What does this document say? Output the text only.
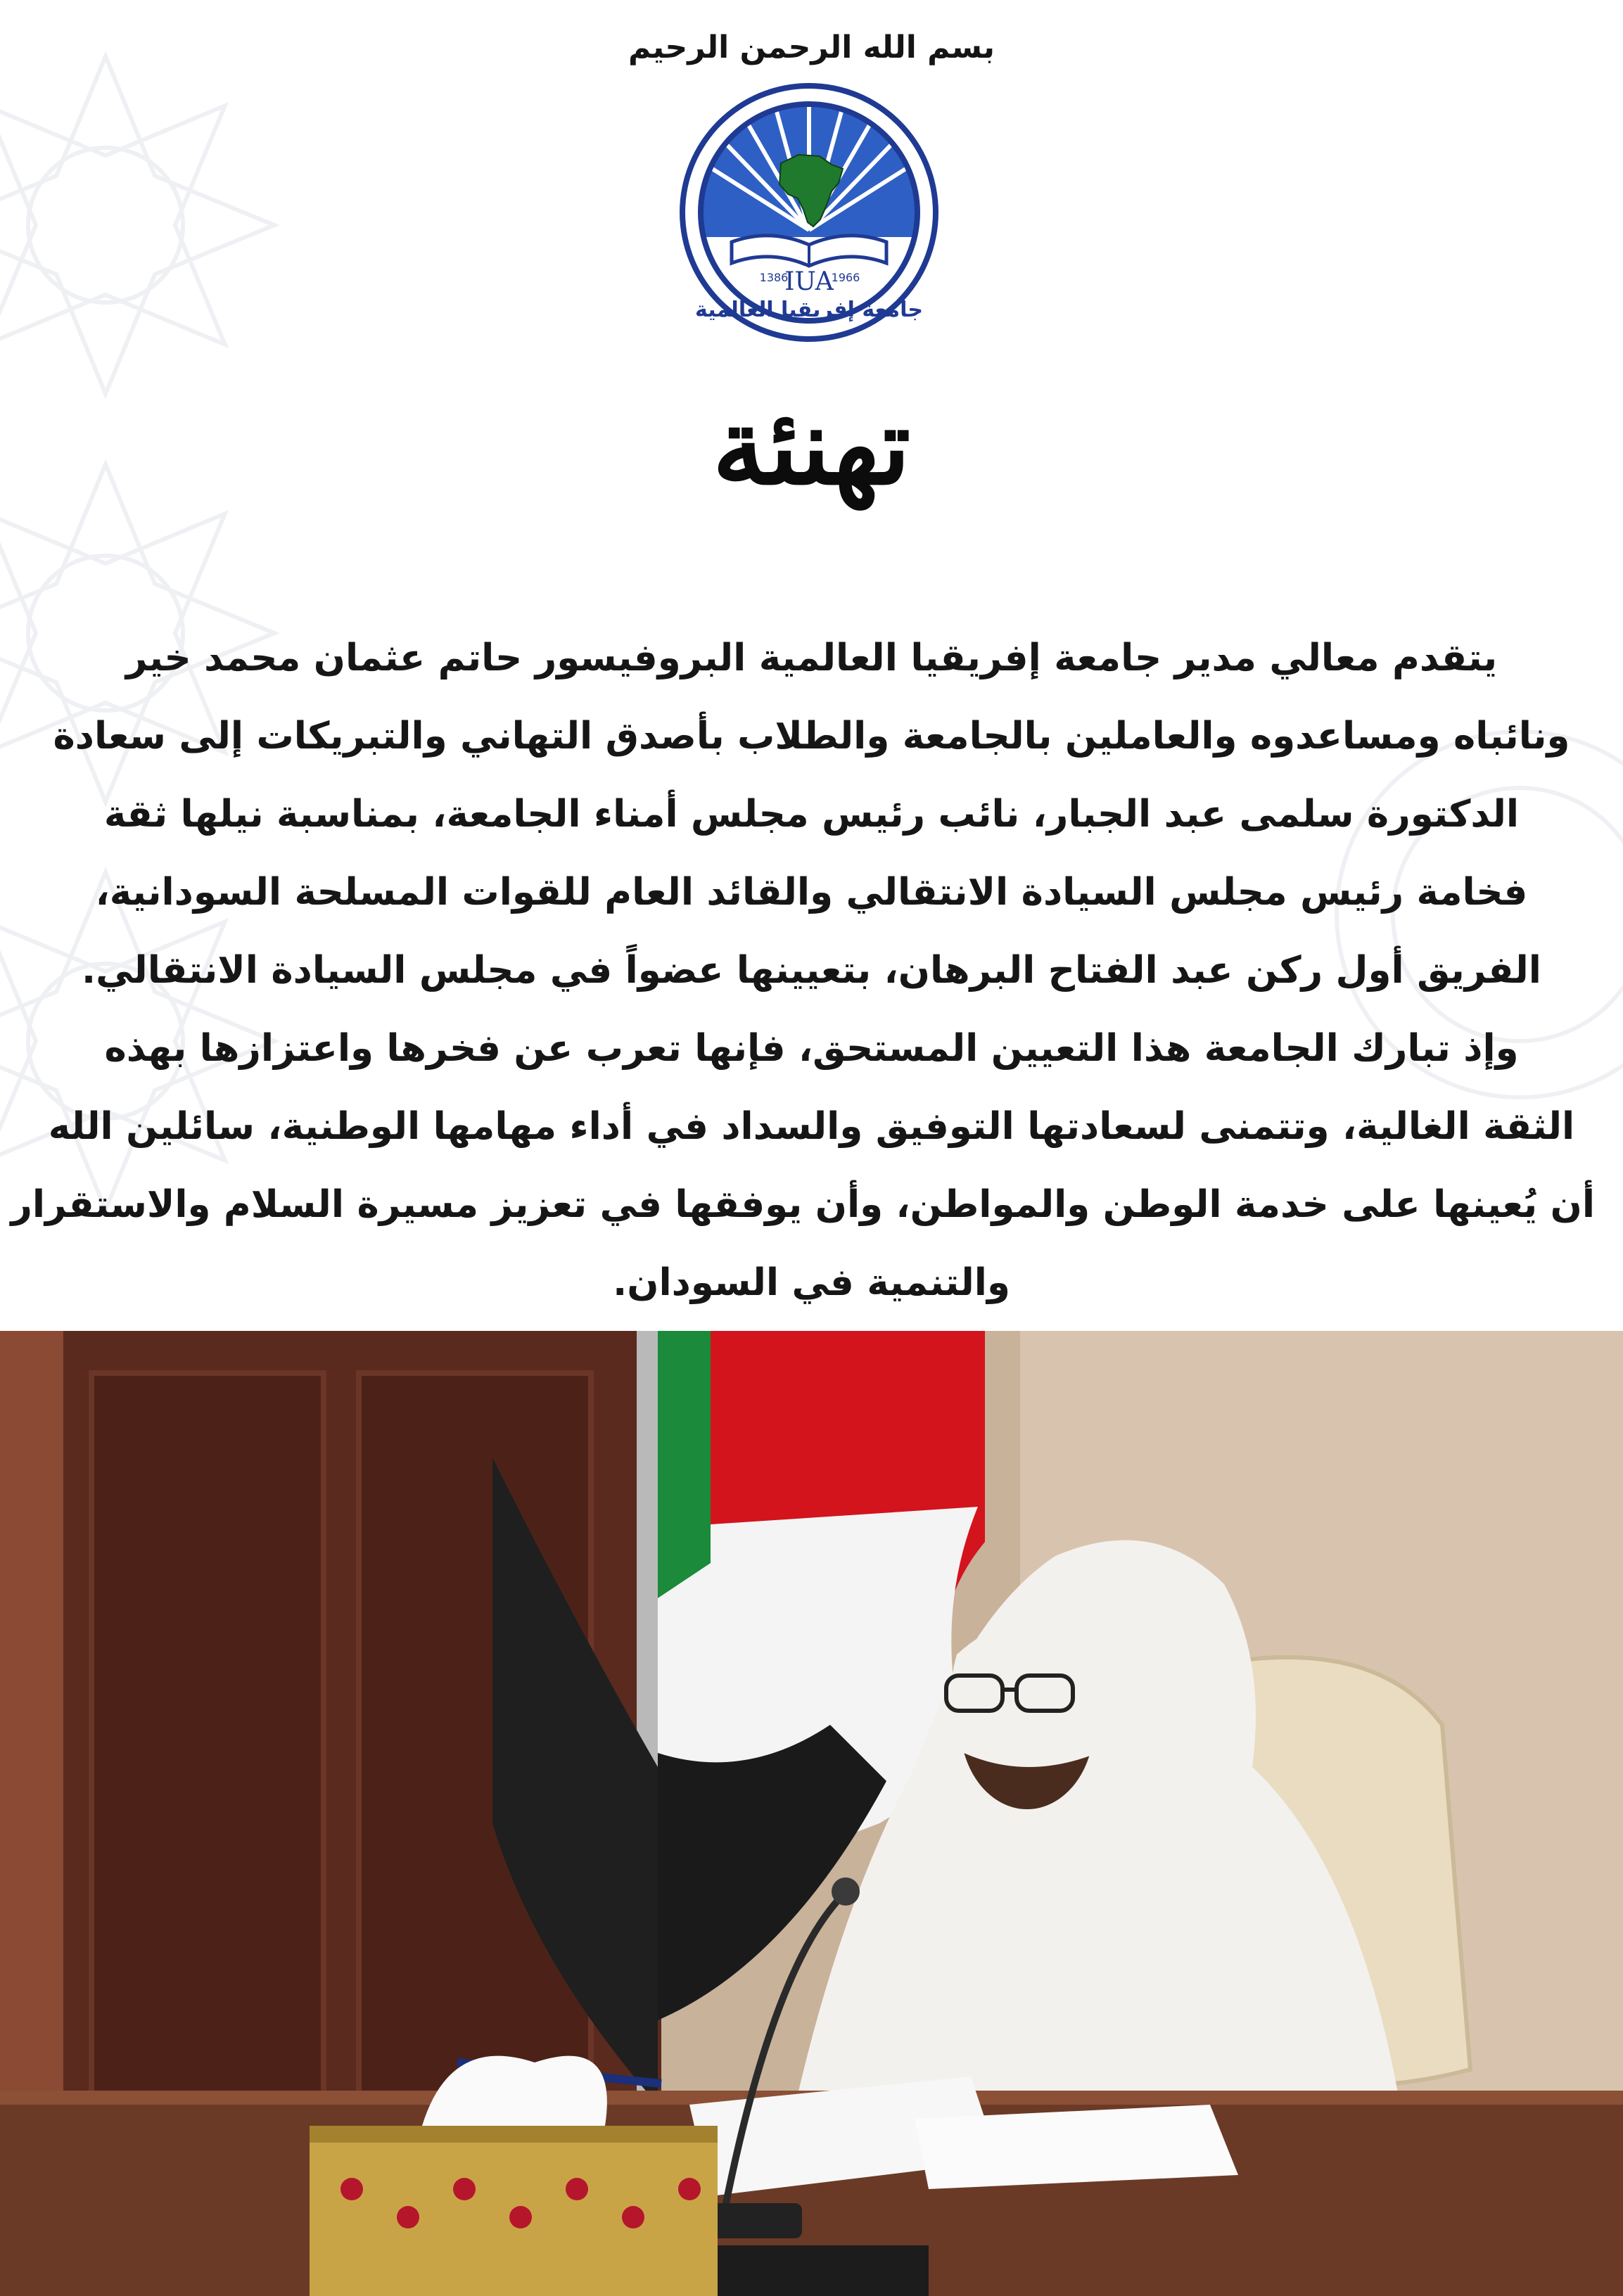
بسم الله الرحمن الرحيم
IUA
1386	1966
جامعة إفريقيا العالمية
تهنئة
يتقدم معالي مدير جامعة إفريقيا العالمية البروفيسور حاتم عثمان محمد خير
ونائباه ومساعدوه والعاملين بالجامعة والطلاب بأصدق التهاني والتبريكات إلى سعادة
الدكتورة سلمى عبد الجبار، نائب رئيس مجلس أمناء الجامعة، بمناسبة نيلها ثقة
فخامة رئيس مجلس السيادة الانتقالي والقائد العام للقوات المسلحة السودانية،
الفريق أول ركن عبد الفتاح البرهان، بتعيينها عضواً في مجلس السيادة الانتقالي.
وإذ تبارك الجامعة هذا التعيين المستحق، فإنها تعرب عن فخرها واعتزازها بهذه
الثقة الغالية، وتتمنى لسعادتها التوفيق والسداد في أداء مهامها الوطنية، سائلين الله
أن يُعينها على خدمة الوطن والمواطن، وأن يوفقها في تعزيز مسيرة السلام والاستقرار
والتنمية في السودان.
